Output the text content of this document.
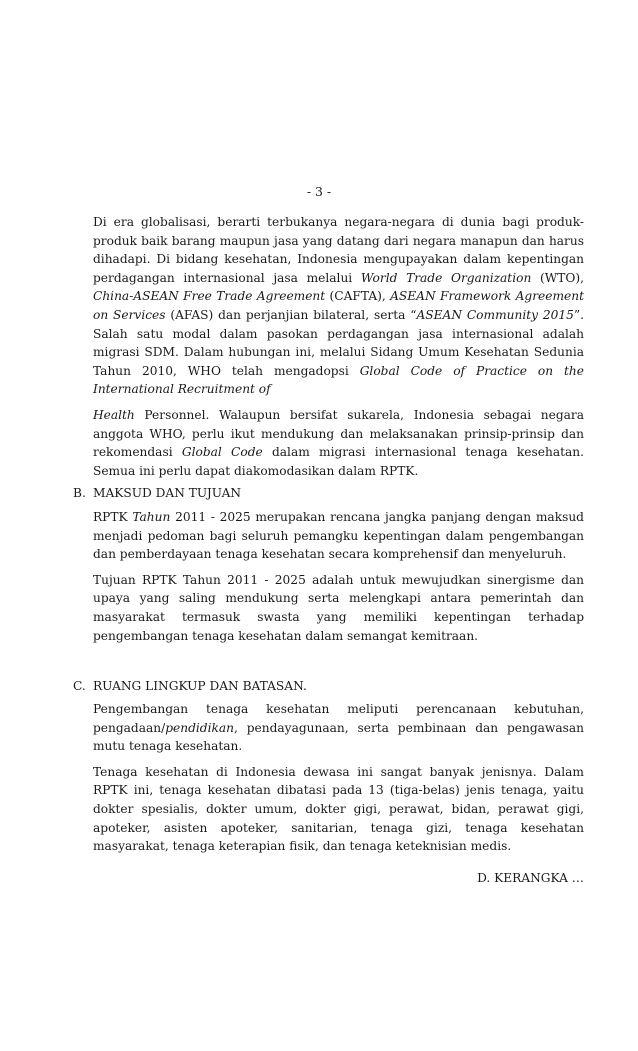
- 3 -

Di era globalisasi, berarti terbukanya negara-negara di dunia bagi produk-produk baik barang maupun jasa yang datang dari negara manapun dan harus dihadapi. Di bidang kesehatan, Indonesia mengupayakan dalam kepentingan perdagangan internasional jasa melalui World Trade Organization (WTO), China-ASEAN Free Trade Agreement (CAFTA), ASEAN Framework Agreement on Services (AFAS) dan perjanjian bilateral, serta “ASEAN Community 2015”. Salah satu modal dalam pasokan perdagangan jasa internasional adalah migrasi SDM. Dalam hubungan ini, melalui Sidang Umum Kesehatan Sedunia Tahun 2010, WHO telah mengadopsi Global Code of Practice on the International Recruitment of

Health Personnel. Walaupun bersifat sukarela, Indonesia sebagai negara anggota WHO, perlu ikut mendukung dan melaksanakan prinsip-prinsip dan rekomendasi Global Code dalam migrasi internasional tenaga kesehatan. Semua ini perlu dapat diakomodasikan dalam RPTK.

B. MAKSUD DAN TUJUAN

RPTK Tahun 2011 - 2025 merupakan rencana jangka panjang dengan maksud menjadi pedoman bagi seluruh pemangku kepentingan dalam pengembangan dan pemberdayaan tenaga kesehatan secara komprehensif dan menyeluruh.

Tujuan RPTK Tahun 2011 - 2025 adalah untuk mewujudkan sinergisme dan upaya yang saling mendukung serta melengkapi antara pemerintah dan masyarakat termasuk swasta yang memiliki kepentingan terhadap pengembangan tenaga kesehatan dalam semangat kemitraan.

C. RUANG LINGKUP DAN BATASAN.

Pengembangan tenaga kesehatan meliputi perencanaan kebutuhan, pengadaan/pendidikan, pendayagunaan, serta pembinaan dan pengawasan mutu tenaga kesehatan.

Tenaga kesehatan di Indonesia dewasa ini sangat banyak jenisnya. Dalam RPTK ini, tenaga kesehatan dibatasi pada 13 (tiga-belas) jenis tenaga, yaitu dokter spesialis, dokter umum, dokter gigi, perawat, bidan, perawat gigi, apoteker, asisten apoteker, sanitarian, tenaga gizi, tenaga kesehatan masyarakat, tenaga keterapian fisik, dan tenaga keteknisian medis.

D. KERANGKA …
